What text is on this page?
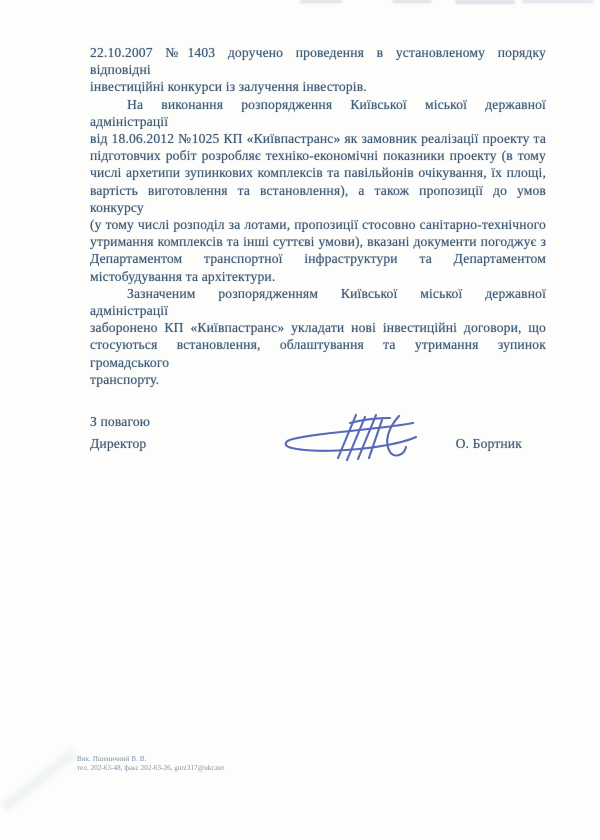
22.10.2007 №1403 доручено проведення в установленому порядку відповідні
інвестиційні конкурси із залучення інвесторів.
На виконання розпорядження Київської міської державної адміністрації
від 18.06.2012 №1025 КП «Київпастранс» як замовник реалізації проекту та
підготовчих робіт розробляє техніко-економічні показники проекту (в тому
числі архетипи зупинкових комплексів та павільйонів очікування, їх площі,
вартість виготовлення та встановлення), а також пропозиції до умов конкурсу
(у тому числі розподіл за лотами, пропозиції стосовно санітарно-технічного
утримання комплексів та інші суттєві умови), вказані документи погоджує з
Департаментом транспортної інфраструктури та Департаментом
містобудування та архітектури.
Зазначеним розпорядженням Київської міської державної адміністрації
заборонено КП «Київпастранс» укладати нові інвестиційні договори, що
стосуються встановлення, облаштування та утримання зупинок громадського
транспорту.
З повагою
Директор	О. Бортник
Вик. Пшеничний В. В.
тел. 202-63-48, факс 202-63-26, gutz317@ukr.net
